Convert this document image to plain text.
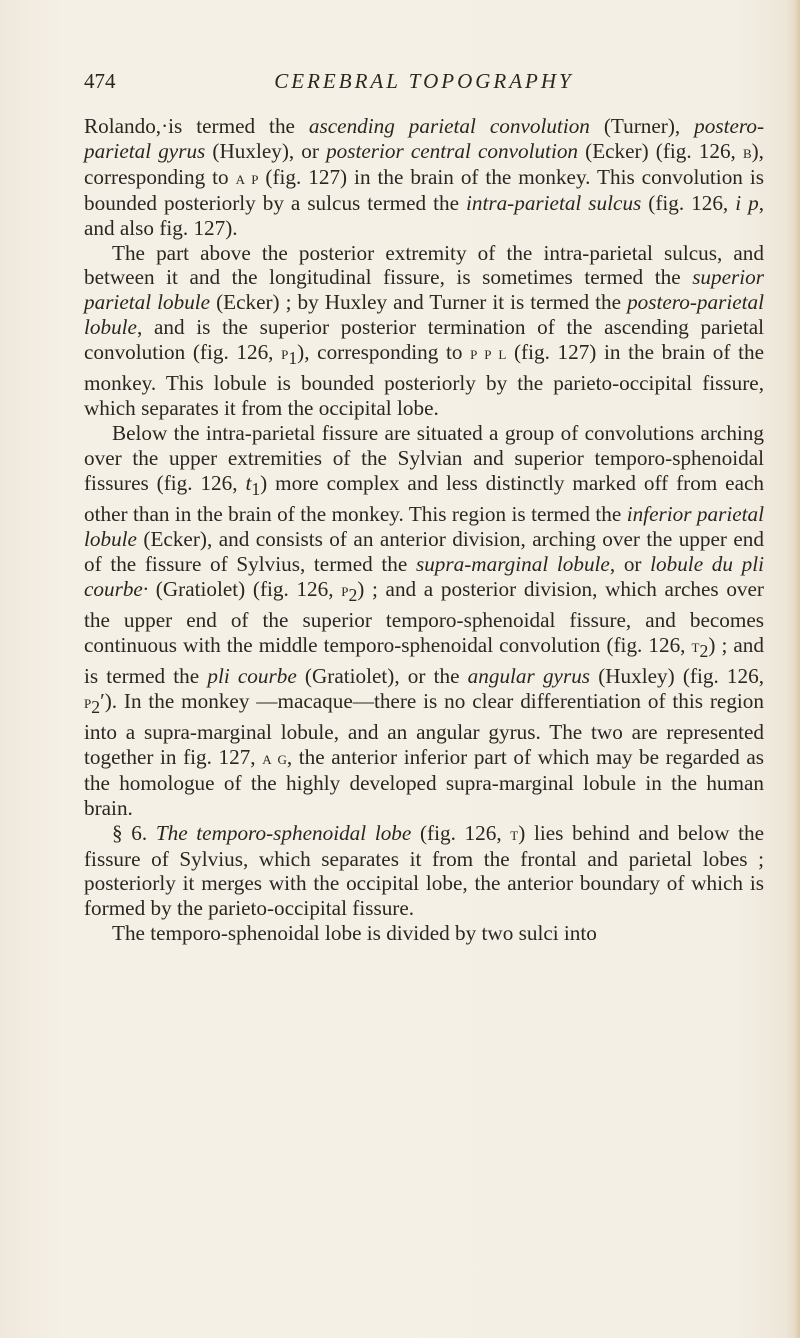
474	CEREBRAL TOPOGRAPHY

Rolando,·is termed the ascending parietal convolution (Turner), postero-parietal gyrus (Huxley), or posterior central convolution (Ecker) (fig. 126, b), corresponding to a p (fig. 127) in the brain of the monkey. This convolution is bounded posteriorly by a sulcus termed the intra-parietal sulcus (fig. 126, i p, and also fig. 127).

The part above the posterior extremity of the intra-parietal sulcus, and between it and the longitudinal fissure, is sometimes termed the superior parietal lobule (Ecker) ; by Huxley and Turner it is termed the postero-parietal lobule, and is the superior posterior termination of the ascending parietal convolution (fig. 126, $p_1$), corresponding to p p l (fig. 127) in the brain of the monkey. This lobule is bounded posteriorly by the parieto-occipital fissure, which separates it from the occipital lobe.

Below the intra-parietal fissure are situated a group of convolutions arching over the upper extremities of the Sylvian and superior temporo-sphenoidal fissures (fig. 126, $t_1$) more complex and less distinctly marked off from each other than in the brain of the monkey. This region is termed the inferior parietal lobule (Ecker), and consists of an anterior division, arching over the upper end of the fissure of Sylvius, termed the supra-marginal lobule, or lobule du pli courbe· (Gratiolet) (fig. 126, $p_2$) ; and a posterior division, which arches over the upper end of the superior temporo-sphenoidal fissure, and becomes continuous with the middle temporo-sphenoidal convolution (fig. 126, $t_2$) ; and is termed the pli courbe (Gratiolet), or the angular gyrus (Huxley) (fig. 126, $p_2'$). In the monkey —macaque—there is no clear differentiation of this region into a supra-marginal lobule, and an angular gyrus. The two are represented together in fig. 127, a g, the anterior inferior part of which may be regarded as the homologue of the highly developed supra-marginal lobule in the human brain.

§ 6. The temporo-sphenoidal lobe (fig. 126, t) lies behind and below the fissure of Sylvius, which separates it from the frontal and parietal lobes ; posteriorly it merges with the occipital lobe, the anterior boundary of which is formed by the parieto-occipital fissure.

The temporo-sphenoidal lobe is divided by two sulci into
